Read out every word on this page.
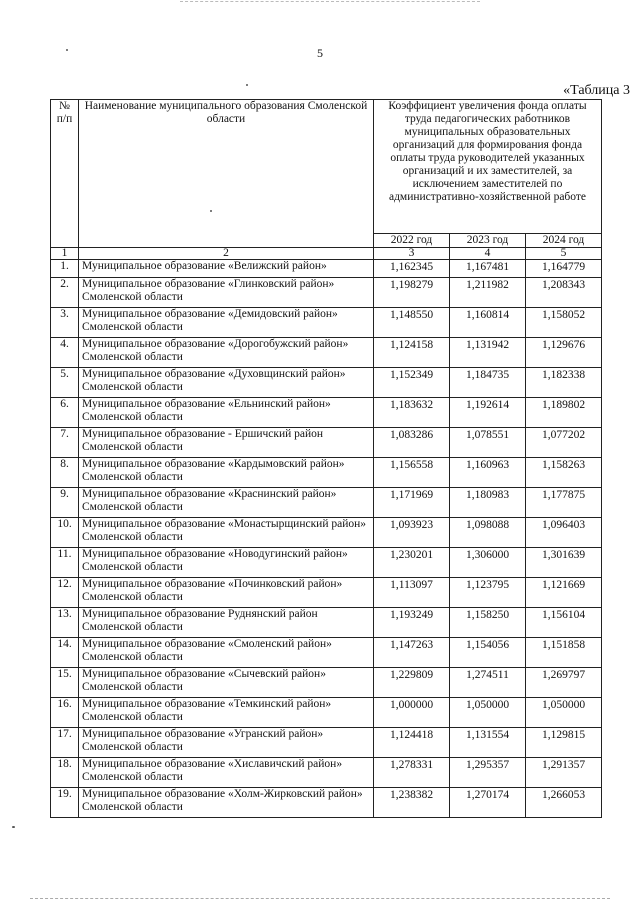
5
«Таблица 3
№ п/п	Наименование муниципального образования Смоленской области	Коэффициент увеличения фонда оплаты труда педагогических работников муниципальных образовательных организаций для формирования фонда оплаты труда руководителей указанных организаций и их заместителей, за исключением заместителей по административно-хозяйственной работе		
		2022 год	2023 год	2024 год
1	2	3	4	5
1.	Муниципальное образование «Велижский район»	1,162345	1,167481	1,164779
2.	Муниципальное образование «Глинковский район» Смоленской области	1,198279	1,211982	1,208343
3.	Муниципальное образование «Демидовский район» Смоленской области	1,148550	1,160814	1,158052
4.	Муниципальное образование «Дорогобужский район» Смоленской области	1,124158	1,131942	1,129676
5.	Муниципальное образование «Духовщинский район» Смоленской области	1,152349	1,184735	1,182338
6.	Муниципальное образование «Ельнинский район» Смоленской области	1,183632	1,192614	1,189802
7.	Муниципальное образование - Ершичский район Смоленской области	1,083286	1,078551	1,077202
8.	Муниципальное образование «Кардымовский район» Смоленской области	1,156558	1,160963	1,158263
9.	Муниципальное образование «Краснинский район» Смоленской области	1,171969	1,180983	1,177875
10.	Муниципальное образование «Монастырщинский район» Смоленской области	1,093923	1,098088	1,096403
11.	Муниципальное образование «Новодугинский район» Смоленской области	1,230201	1,306000	1,301639
12.	Муниципальное образование «Починковский район» Смоленской области	1,113097	1,123795	1,121669
13.	Муниципальное образование Руднянский район Смоленской области	1,193249	1,158250	1,156104
14.	Муниципальное образование «Смоленский район» Смоленской области	1,147263	1,154056	1,151858
15.	Муниципальное образование «Сычевский район» Смоленской области	1,229809	1,274511	1,269797
16.	Муниципальное образование «Темкинский район» Смоленской области	1,000000	1,050000	1,050000
17.	Муниципальное образование «Угранский район» Смоленской области	1,124418	1,131554	1,129815
18.	Муниципальное образование «Хиславичский район» Смоленской области	1,278331	1,295357	1,291357
19.	Муниципальное образование «Холм-Жирковский район» Смоленской области	1,238382	1,270174	1,266053
